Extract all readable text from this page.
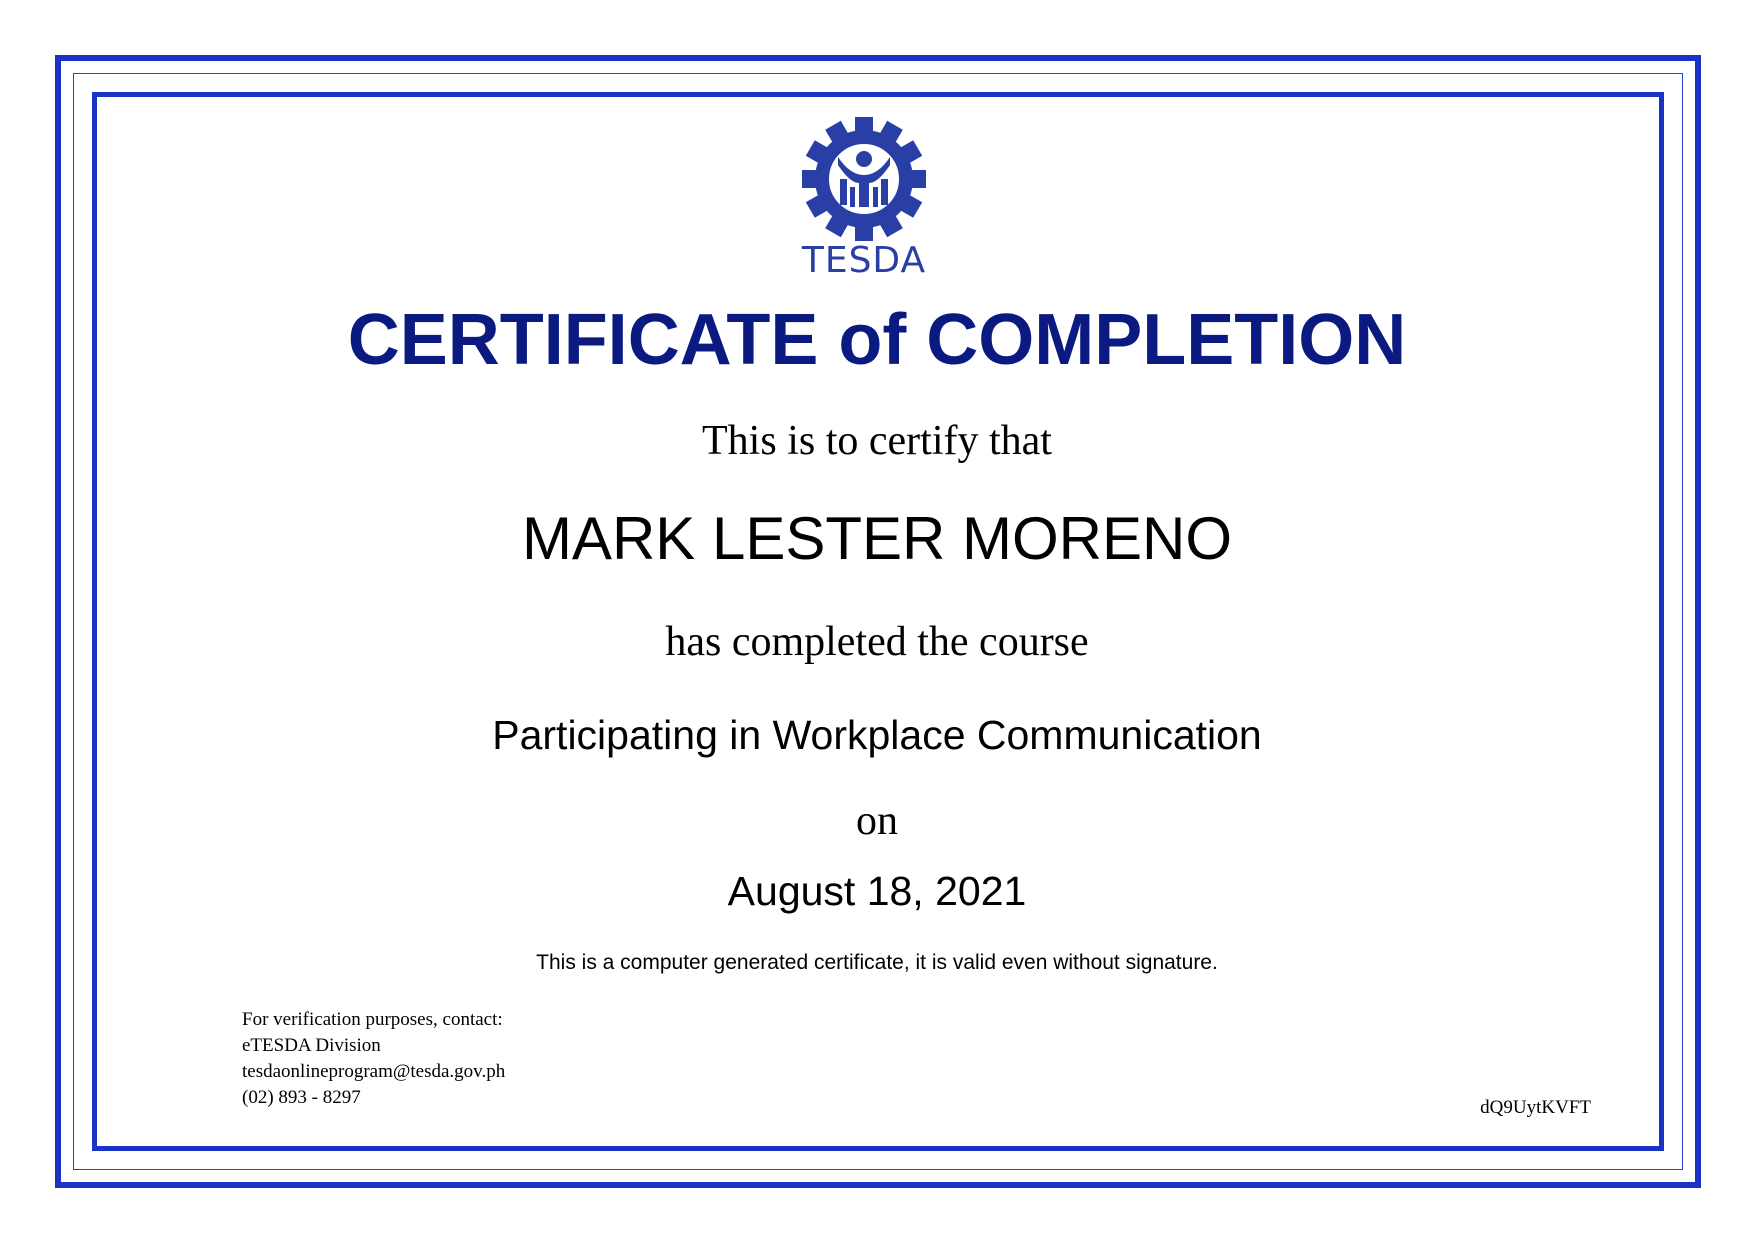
TESDA
CERTIFICATE of COMPLETION
This is to certify that
MARK LESTER MORENO
has completed the course
Participating in Workplace Communication
on
August 18, 2021
This is a computer generated certificate, it is valid even without signature.
For verification purposes, contact:
eTESDA Division
tesdaonlineprogram@tesda.gov.ph
(02) 893 - 8297	dQ9UytKVFT
